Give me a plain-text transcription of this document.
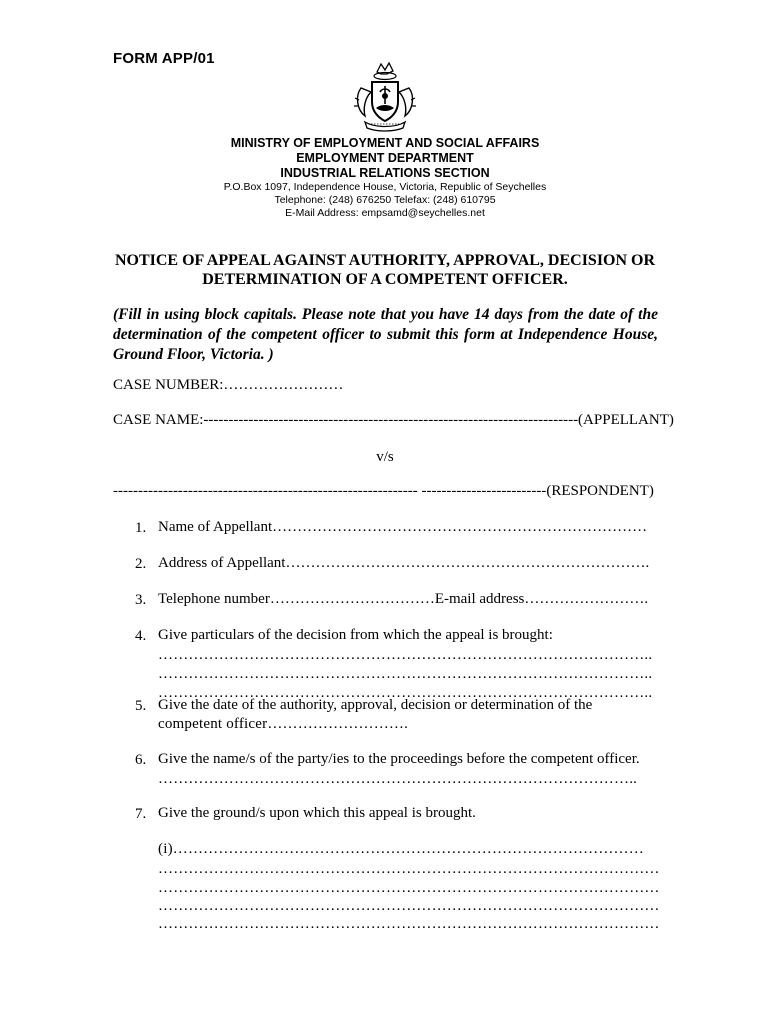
FORM APP/01
MINISTRY OF EMPLOYMENT AND SOCIAL AFFAIRS
EMPLOYMENT DEPARTMENT
INDUSTRIAL RELATIONS SECTION
P.O.Box 1097, Independence House, Victoria, Republic of Seychelles
Telephone: (248) 676250 Telefax: (248) 610795
E-Mail Address: empsamd@seychelles.net
NOTICE OF APPEAL AGAINST AUTHORITY, APPROVAL, DECISION OR DETERMINATION OF A COMPETENT OFFICER.
(Fill in using block capitals. Please note that you have 14 days from the date of the determination of the competent officer to submit this form at Independence House, Ground Floor, Victoria. )
CASE NUMBER:……………………
CASE NAME:---------------------------------------------------------------------------(APPELLANT)
v/s
------------------------------------------------------------- -------------------------(RESPONDENT)
1. Name of Appellant…………………………………………………………………
2. Address of Appellant……………………………………………………………….
3. Telephone number……………………………E-mail address…………………….
4. Give particulars of the decision from which the appeal is brought:
……………………………………………………………………………………..
……………………………………………………………………………………..
……………………………………………………………………………………..
5. Give the date of the authority, approval, decision or determination of the
competent officer……………………….
6. Give the name/s of the party/ies to the proceedings before the competent officer.
…………………………………………………………………………………..
7. Give the ground/s upon which this appeal is brought.
(i)…………………………………………………………………………………
………………………………………………………………………………………
………………………………………………………………………………………
………………………………………………………………………………………
………………………………………………………………………………………
